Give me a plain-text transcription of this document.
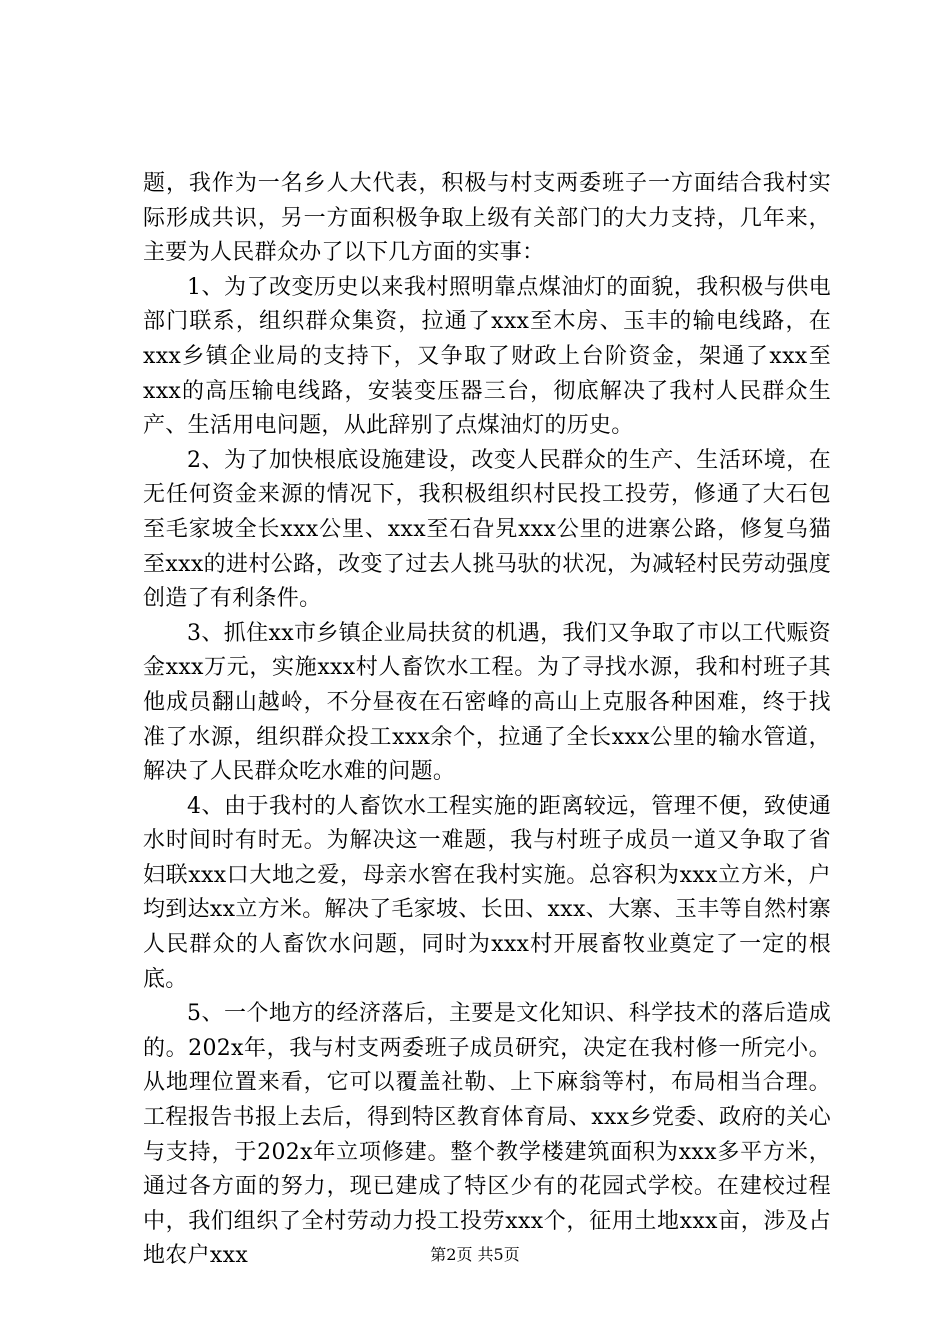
题，我作为一名乡人大代表，积极与村支两委班子一方面结合我村实际形成共识，另一方面积极争取上级有关部门的大力支持，几年来，主要为人民群众办了以下几方面的实事：

1、为了改变历史以来我村照明靠点煤油灯的面貌，我积极与供电部门联系，组织群众集资，拉通了xxx至木房、玉丰的输电线路，在xxx乡镇企业局的支持下，又争取了财政上台阶资金，架通了xxx至xxx的高压输电线路，安装变压器三台，彻底解决了我村人民群众生产、生活用电问题，从此辞别了点煤油灯的历史。

2、为了加快根底设施建设，改变人民群众的生产、生活环境，在无任何资金来源的情况下，我积极组织村民投工投劳，修通了大石包至毛家坡全长xxx公里、xxx至石旮旯xxx公里的进寨公路，修复乌猫至xxx的进村公路，改变了过去人挑马驮的状况，为减轻村民劳动强度创造了有利条件。

3、抓住xx市乡镇企业局扶贫的机遇，我们又争取了市以工代赈资金xxx万元，实施xxx村人畜饮水工程。为了寻找水源，我和村班子其他成员翻山越岭，不分昼夜在石密峰的高山上克服各种困难，终于找准了水源，组织群众投工xxx余个，拉通了全长xxx公里的输水管道，解决了人民群众吃水难的问题。

4、由于我村的人畜饮水工程实施的距离较远，管理不便，致使通水时间时有时无。为解决这一难题，我与村班子成员一道又争取了省妇联xxx口大地之爱，母亲水窖在我村实施。总容积为xxx立方米，户均到达xx立方米。解决了毛家坡、长田、xxx、大寨、玉丰等自然村寨人民群众的人畜饮水问题，同时为xxx村开展畜牧业奠定了一定的根底。

5、一个地方的经济落后，主要是文化知识、科学技术的落后造成的。202x年，我与村支两委班子成员研究，决定在我村修一所完小。从地理位置来看，它可以覆盖社勒、上下麻翁等村，布局相当合理。工程报告书报上去后，得到特区教育体育局、xxx乡党委、政府的关心与支持，于202x年立项修建。整个教学楼建筑面积为xxx多平方米，通过各方面的努力，现已建成了特区少有的花园式学校。在建校过程中，我们组织了全村劳动力投工投劳xxx个，征用土地xxx亩，涉及占地农户xxx	第2页 共5页
